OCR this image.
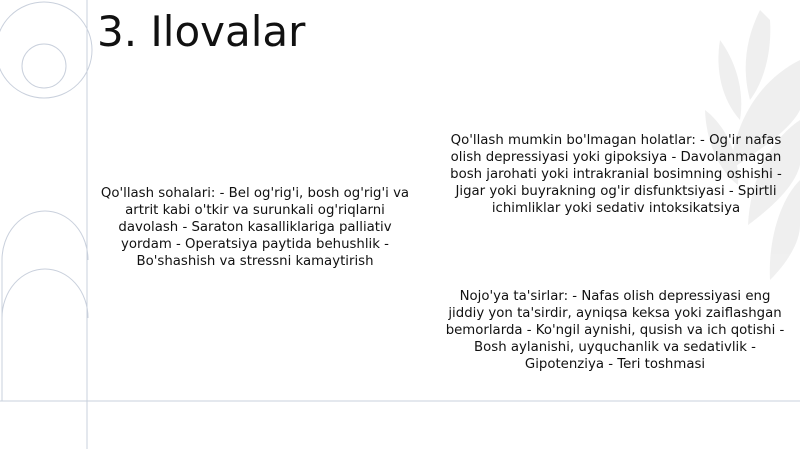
3. Ilovalar

Qo'llash sohalari: - Bel og'rig'i, bosh og'rig'i va artrit kabi o'tkir va surunkali og'riqlarni davolash - Saraton kasalliklariga palliativ yordam - Operatsiya paytida behushlik - Bo'shashish va stressni kamaytirish

Qo'llash mumkin bo'lmagan holatlar: - Og'ir nafas olish depressiyasi yoki gipoksiya - Davolanmagan bosh jarohati yoki intrakranial bosimning oshishi - Jigar yoki buyrakning og'ir disfunktsiyasi - Spirtli ichimliklar yoki sedativ intoksikatsiya

Nojo'ya ta'sirlar: - Nafas olish depressiyasi eng jiddiy yon ta'sirdir, ayniqsa keksa yoki zaiflashgan bemorlarda - Ko'ngil aynishi, qusish va ich qotishi - Bosh aylanishi, uyquchanlik va sedativlik - Gipotenziya - Teri toshmasi
